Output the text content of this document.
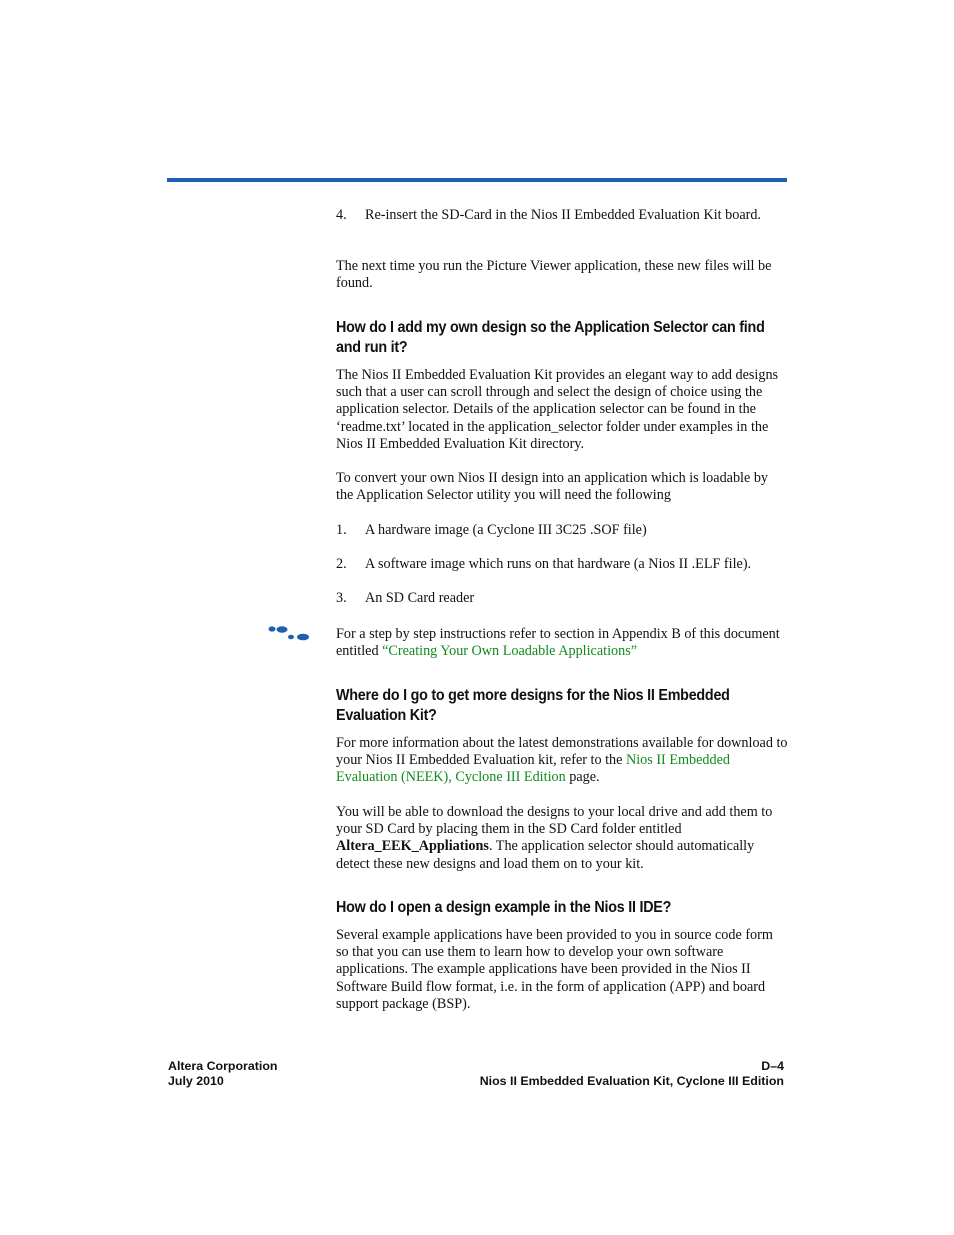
4. Re-insert the SD-Card in the Nios II Embedded Evaluation Kit board.

The next time you run the Picture Viewer application, these new files will be found.

How do I add my own design so the Application Selector can find and run it?

The Nios II Embedded Evaluation Kit provides an elegant way to add designs such that a user can scroll through and select the design of choice using the application selector. Details of the application selector can be found in the ‘readme.txt’ located in the application_selector folder under examples in the Nios II Embedded Evaluation Kit directory.

To convert your own Nios II design into an application which is loadable by the Application Selector utility you will need the following

1. A hardware image (a Cyclone III 3C25 .SOF file)
2. A software image which runs on that hardware (a Nios II .ELF file).
3. An SD Card reader

For a step by step instructions refer to section in Appendix B of this document entitled “Creating Your Own Loadable Applications”

Where do I go to get more designs for the Nios II Embedded Evaluation Kit?

For more information about the latest demonstrations available for download to your Nios II Embedded Evaluation kit, refer to the Nios II Embedded Evaluation (NEEK), Cyclone III Edition page.

You will be able to download the designs to your local drive and add them to your SD Card by placing them in the SD Card folder entitled Altera_EEK_Appliations. The application selector should automatically detect these new designs and load them on to your kit.

How do I open a design example in the Nios II IDE?

Several example applications have been provided to you in source code form so that you can use them to learn how to develop your own software applications. The example applications have been provided in the Nios II Software Build flow format, i.e. in the form of application (APP) and board support package (BSP).

Altera Corporation
July 2010
D–4
Nios II Embedded Evaluation Kit, Cyclone III Edition
